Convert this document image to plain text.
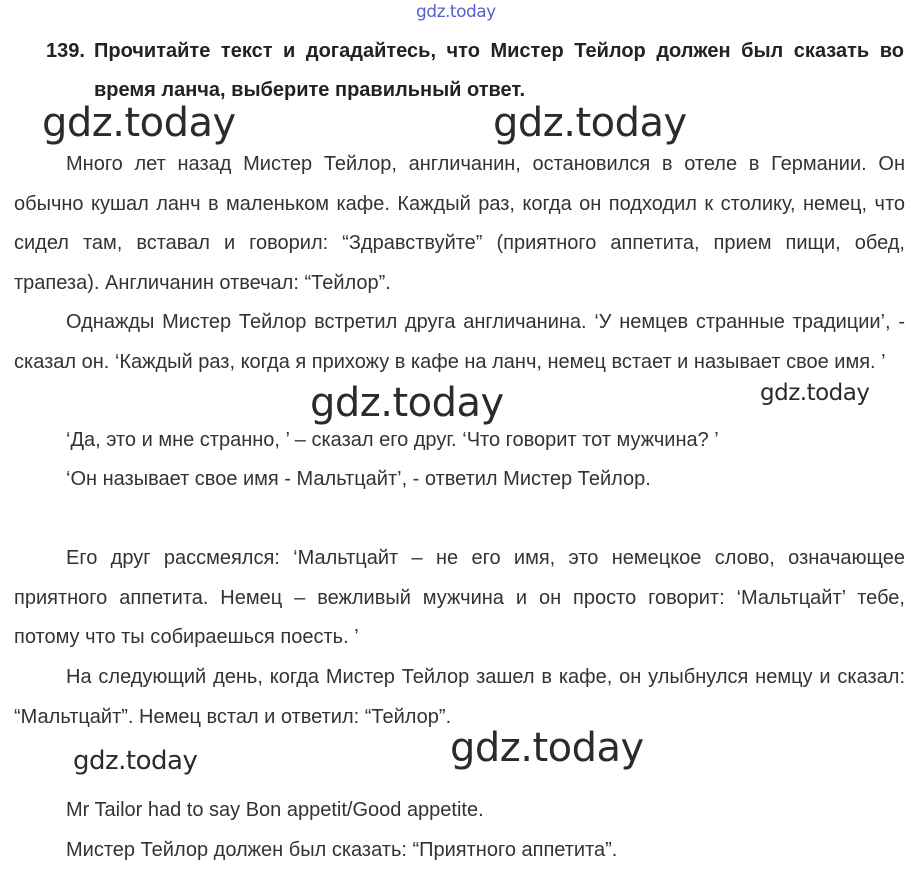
gdz.today
139. Прочитайте текст и догадайтесь, что Мистер Тейлор должен был сказать во время ланча, выберите правильный ответ.
gdz.today	gdz.today
Много лет назад Мистер Тейлор, англичанин, остановился в отеле в Германии. Он обычно кушал ланч в маленьком кафе. Каждый раз, когда он подходил к столику, немец, что сидел там, вставал и говорил: “Здравствуйте” (приятного аппетита, прием пищи, обед, трапеза). Англичанин отвечал: “Тейлор”.
Однажды Мистер Тейлор встретил друга англичанина. ‘У немцев странные традиции’, - сказал он. ‘Каждый раз, когда я прихожу в кафе на ланч, немец встает и называет свое имя. ’
gdz.today
gdz.today
‘Да, это и мне странно, ’ – сказал его друг. ‘Что говорит тот мужчина? ’
‘Он называет свое имя - Мальтцайт’, - ответил Мистер Тейлор.
Его друг рассмеялся: ‘Мальтцайт – не его имя, это немецкое слово, означающее приятного аппетита. Немец – вежливый мужчина и он просто говорит: ‘Мальтцайт’ тебе, потому что ты собираешься поесть. ’
На следующий день, когда Мистер Тейлор зашел в кафе, он улыбнулся немцу и сказал: “Мальтцайт”. Немец встал и ответил: “Тейлор”.
gdz.today	gdz.today
Mr Tailor had to say Bon appetit/Good appetite.
Мистер Тейлор должен был сказать: “Приятного аппетита”.
